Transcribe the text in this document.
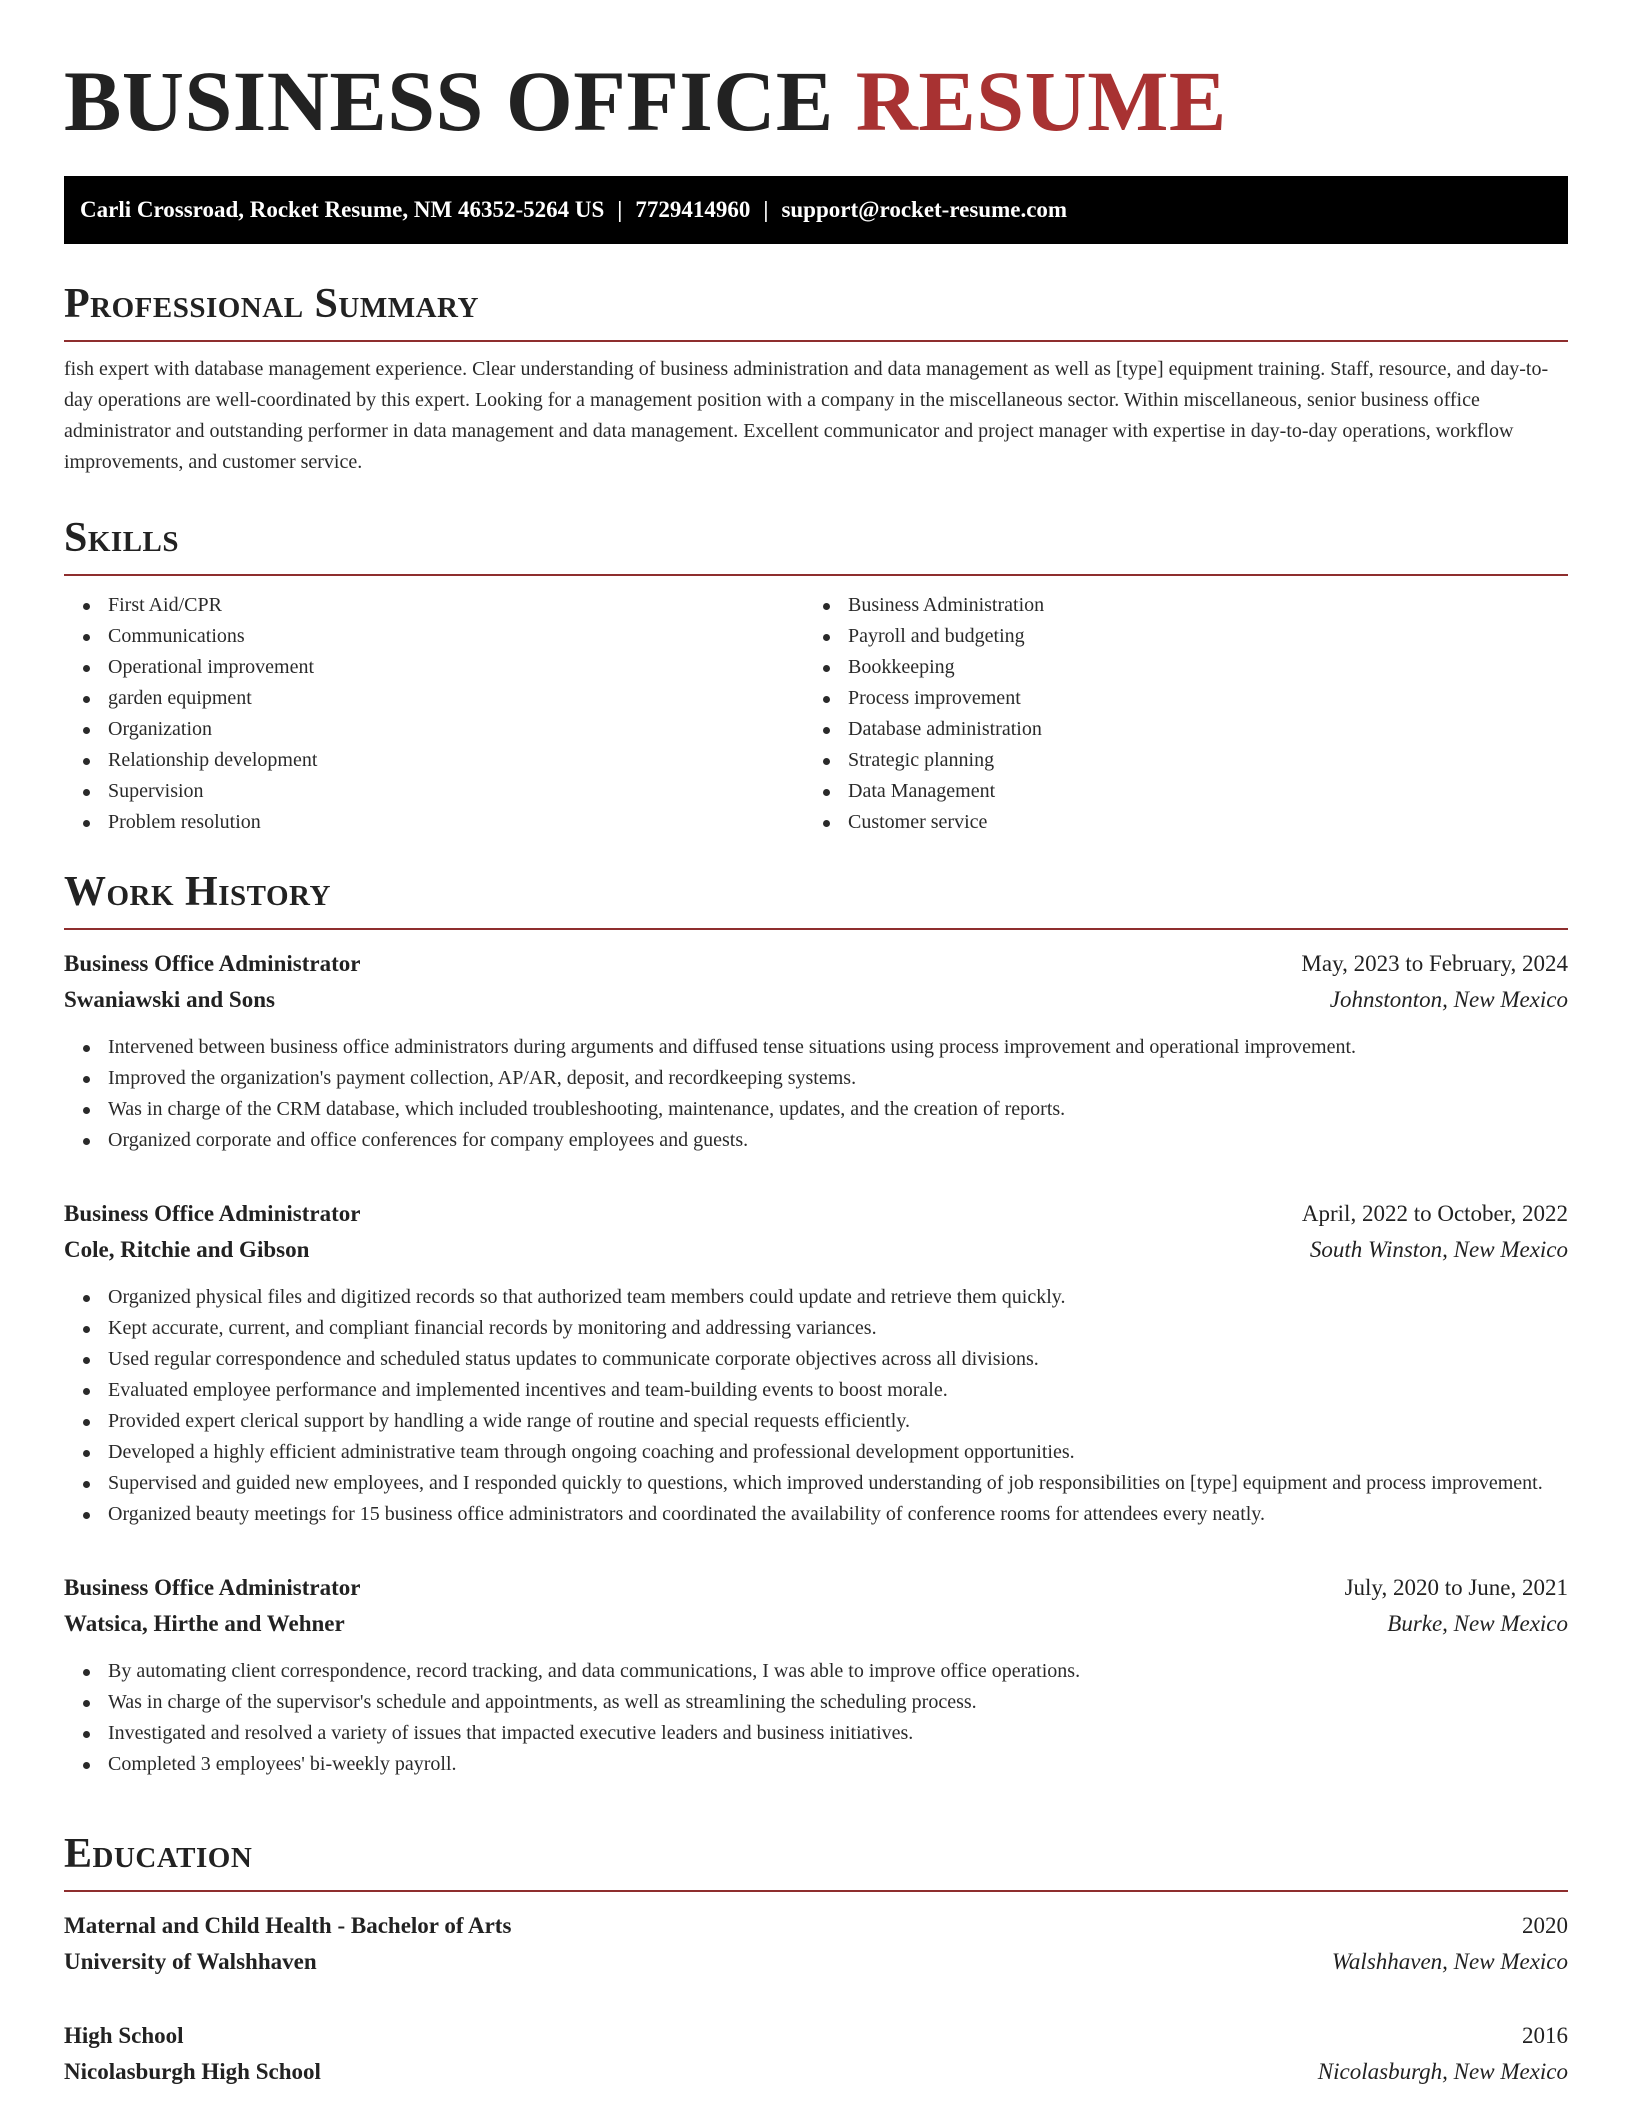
BUSINESS OFFICE RESUME
Carli Crossroad, Rocket Resume, NM 46352-5264 US | 7729414960 | support@rocket-resume.com
Professional Summary

fish expert with database management experience. Clear understanding of business administration and data management as well as [type] equipment training. Staff, resource, and day-to-day operations are well-coordinated by this expert. Looking for a management position with a company in the miscellaneous sector. Within miscellaneous, senior business office administrator and outstanding performer in data management and data management. Excellent communicator and project manager with expertise in day-to-day operations, workflow improvements, and customer service.

Skills
First Aid/CPR
Communications
Operational improvement
garden equipment
Organization
Relationship development
Supervision
Problem resolution
Business Administration
Payroll and budgeting
Bookkeeping
Process improvement
Database administration
Strategic planning
Data Management
Customer service
Work History
Business Office Administrator	May, 2023 to February, 2024
Swaniawski and Sons	Johnstonton, New Mexico
Intervened between business office administrators during arguments and diffused tense situations using process improvement and operational improvement.
Improved the organization's payment collection, AP/AR, deposit, and recordkeeping systems.
Was in charge of the CRM database, which included troubleshooting, maintenance, updates, and the creation of reports.
Organized corporate and office conferences for company employees and guests.
Business Office Administrator	April, 2022 to October, 2022
Cole, Ritchie and Gibson	South Winston, New Mexico
Organized physical files and digitized records so that authorized team members could update and retrieve them quickly.
Kept accurate, current, and compliant financial records by monitoring and addressing variances.
Used regular correspondence and scheduled status updates to communicate corporate objectives across all divisions.
Evaluated employee performance and implemented incentives and team-building events to boost morale.
Provided expert clerical support by handling a wide range of routine and special requests efficiently.
Developed a highly efficient administrative team through ongoing coaching and professional development opportunities.
Supervised and guided new employees, and I responded quickly to questions, which improved understanding of job responsibilities on [type] equipment and process improvement.
Organized beauty meetings for 15 business office administrators and coordinated the availability of conference rooms for attendees every neatly.
Business Office Administrator	July, 2020 to June, 2021
Watsica, Hirthe and Wehner	Burke, New Mexico
By automating client correspondence, record tracking, and data communications, I was able to improve office operations.
Was in charge of the supervisor's schedule and appointments, as well as streamlining the scheduling process.
Investigated and resolved a variety of issues that impacted executive leaders and business initiatives.
Completed 3 employees' bi-weekly payroll.
Education
Maternal and Child Health - Bachelor of Arts	2020
University of Walshhaven	Walshhaven, New Mexico
High School	2016
Nicolasburgh High School	Nicolasburgh, New Mexico
